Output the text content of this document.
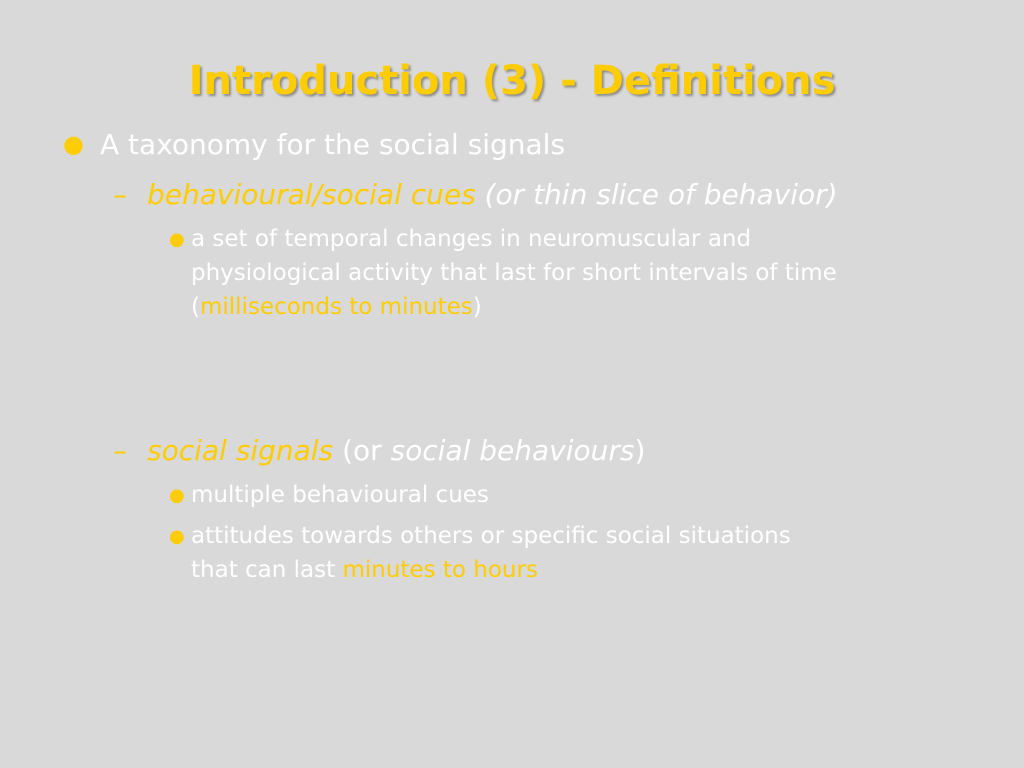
Introduction (3) - Definitions
● A taxonomy for the social signals
– behavioural/social cues (or thin slice of behavior)
● a set of temporal changes in neuromuscular and
physiological activity that last for short intervals of time
(milliseconds to minutes)
– social signals (or social behaviours)
● multiple behavioural cues
● attitudes towards others or specific social situations
that can last minutes to hours
